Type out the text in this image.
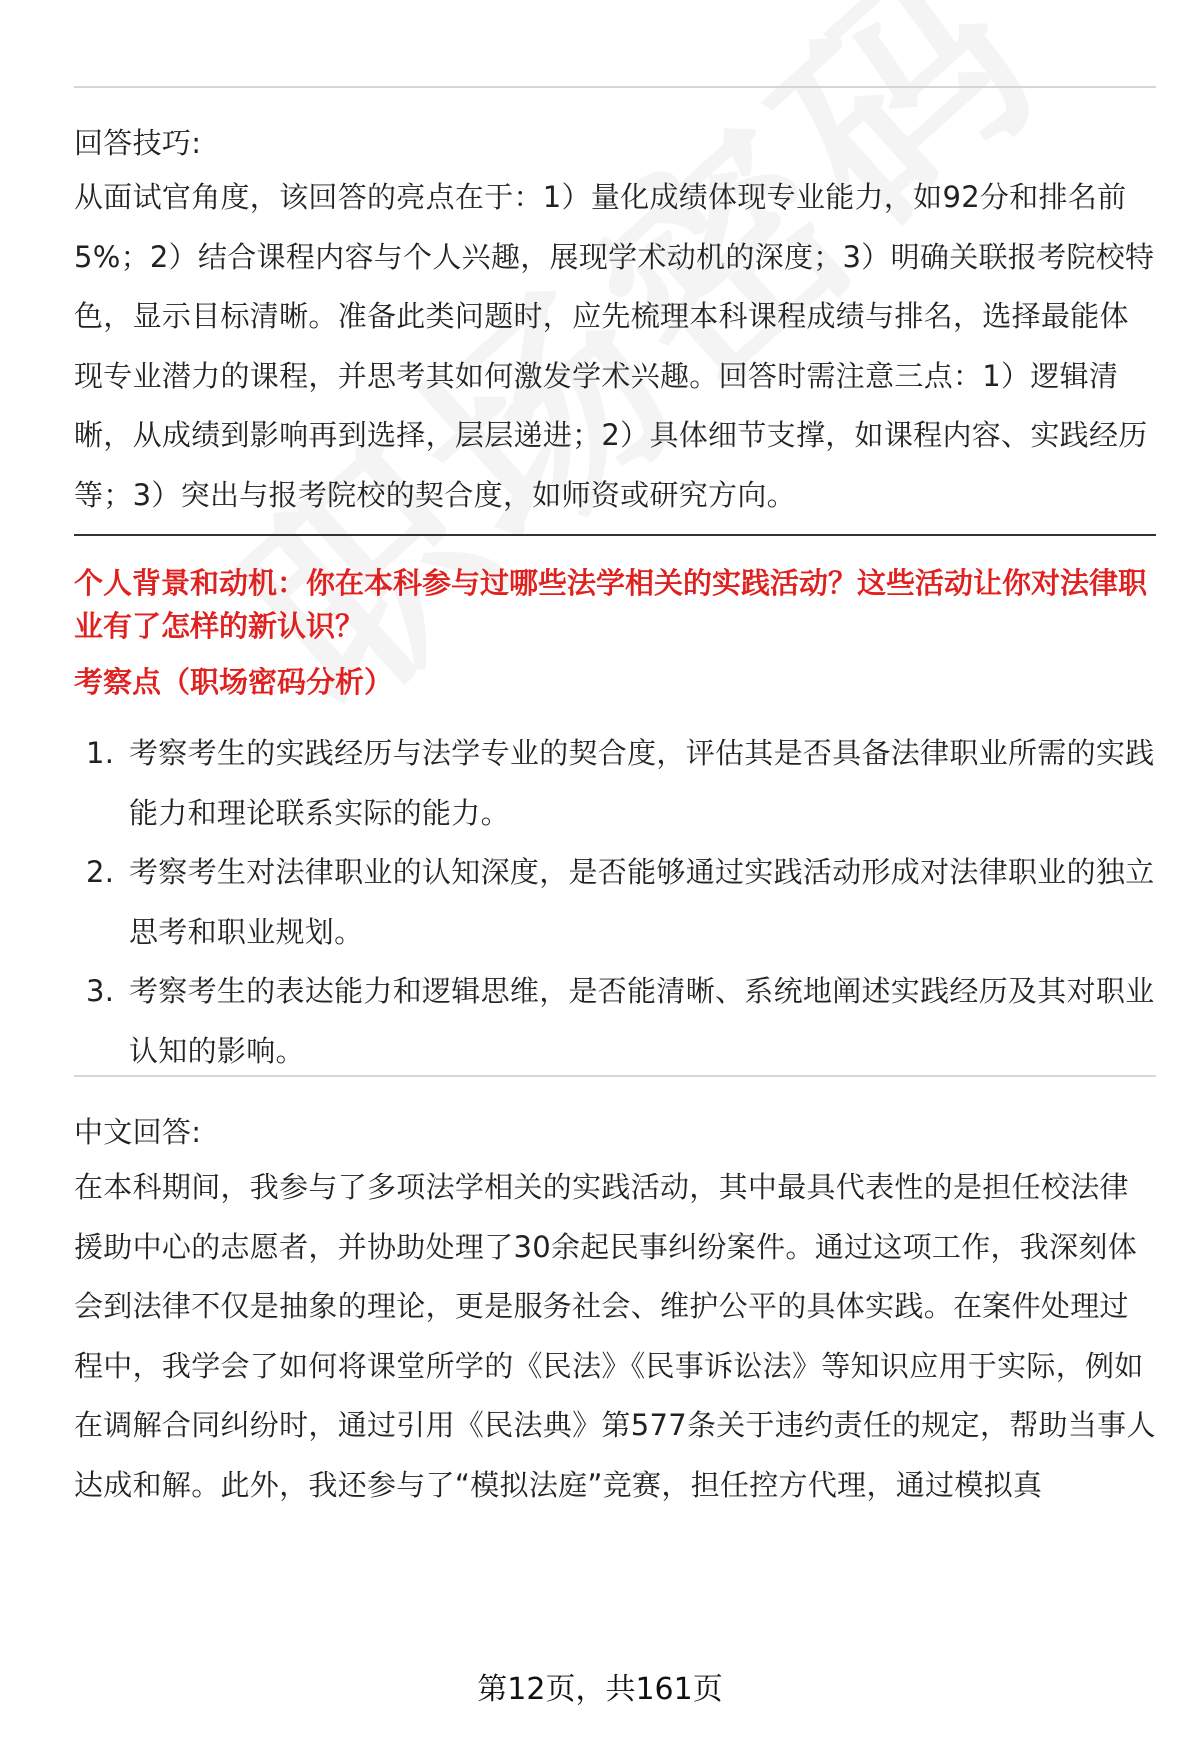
回答技巧:
从面试官角度，该回答的亮点在于：1）量化成绩体现专业能力，如92分和排名前5%；2）结合课程内容与个人兴趣，展现学术动机的深度；3）明确关联报考院校特色，显示目标清晰。准备此类问题时，应先梳理本科课程成绩与排名，选择最能体现专业潜力的课程，并思考其如何激发学术兴趣。回答时需注意三点：1）逻辑清晰，从成绩到影响再到选择，层层递进；2）具体细节支撑，如课程内容、实践经历等；3）突出与报考院校的契合度，如师资或研究方向。
个人背景和动机：你在本科参与过哪些法学相关的实践活动？这些活动让你对法律职业有了怎样的新认识？
考察点（职场密码分析）
1. 考察考生的实践经历与法学专业的契合度，评估其是否具备法律职业所需的实践能力和理论联系实际的能力。
2. 考察考生对法律职业的认知深度，是否能够通过实践活动形成对法律职业的独立思考和职业规划。
3. 考察考生的表达能力和逻辑思维，是否能清晰、系统地阐述实践经历及其对职业认知的影响。
中文回答:
在本科期间，我参与了多项法学相关的实践活动，其中最具代表性的是担任校法律援助中心的志愿者，并协助处理了30余起民事纠纷案件。通过这项工作，我深刻体会到法律不仅是抽象的理论，更是服务社会、维护公平的具体实践。在案件处理过程中，我学会了如何将课堂所学的《民法》《民事诉讼法》等知识应用于实际，例如在调解合同纠纷时，通过引用《民法典》第577条关于违约责任的规定，帮助当事人达成和解。此外，我还参与了“模拟法庭”竞赛，担任控方代理，通过模拟真
第12页，共161页
